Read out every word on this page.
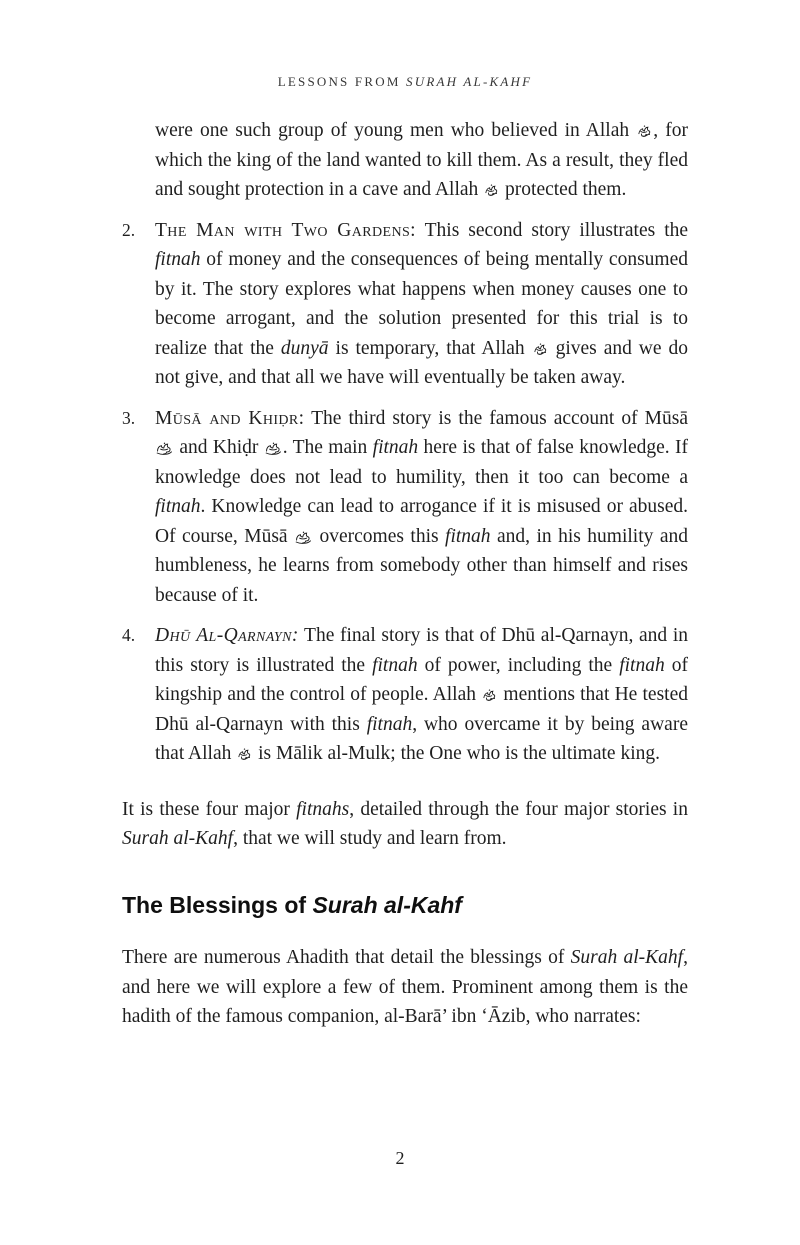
LESSONS FROM SURAH AL-KAHF

were one such group of young men who believed in Allah , for which the king of the land wanted to kill them. As a result, they fled and sought protection in a cave and Allah  protected them.

2.	The Man with Two Gardens: This second story illustrates the fitnah of money and the consequences of being mentally consumed by it. The story explores what happens when money causes one to become arrogant, and the solution presented for this trial is to realize that the dunyā is temporary, that Allah  gives and we do not give, and that all we have will eventually be taken away.
3.	Mūsā and Khiḍr: The third story is the famous account of Mūsā  and Khiḍr . The main fitnah here is that of false knowledge. If knowledge does not lead to humility, then it too can become a fitnah. Knowledge can lead to arrogance if it is misused or abused. Of course, Mūsā  overcomes this fitnah and, in his humility and humbleness, he learns from somebody other than himself and rises because of it.
4.	Dhū Al-Qarnayn: The final story is that of Dhū al-Qarnayn, and in this story is illustrated the fitnah of power, including the fitnah of kingship and the control of people. Allah  mentions that He tested Dhū al-Qarnayn with this fitnah, who overcame it by being aware that Allah  is Mālik al-Mulk; the One who is the ultimate king.

It is these four major fitnahs, detailed through the four major stories in Surah al-Kahf, that we will study and learn from.

The Blessings of Surah al-Kahf

There are numerous Ahadith that detail the blessings of Surah al-Kahf, and here we will explore a few of them. Prominent among them is the hadith of the famous companion, al-Barā’ ibn ‘Āzib, who narrates:

2
